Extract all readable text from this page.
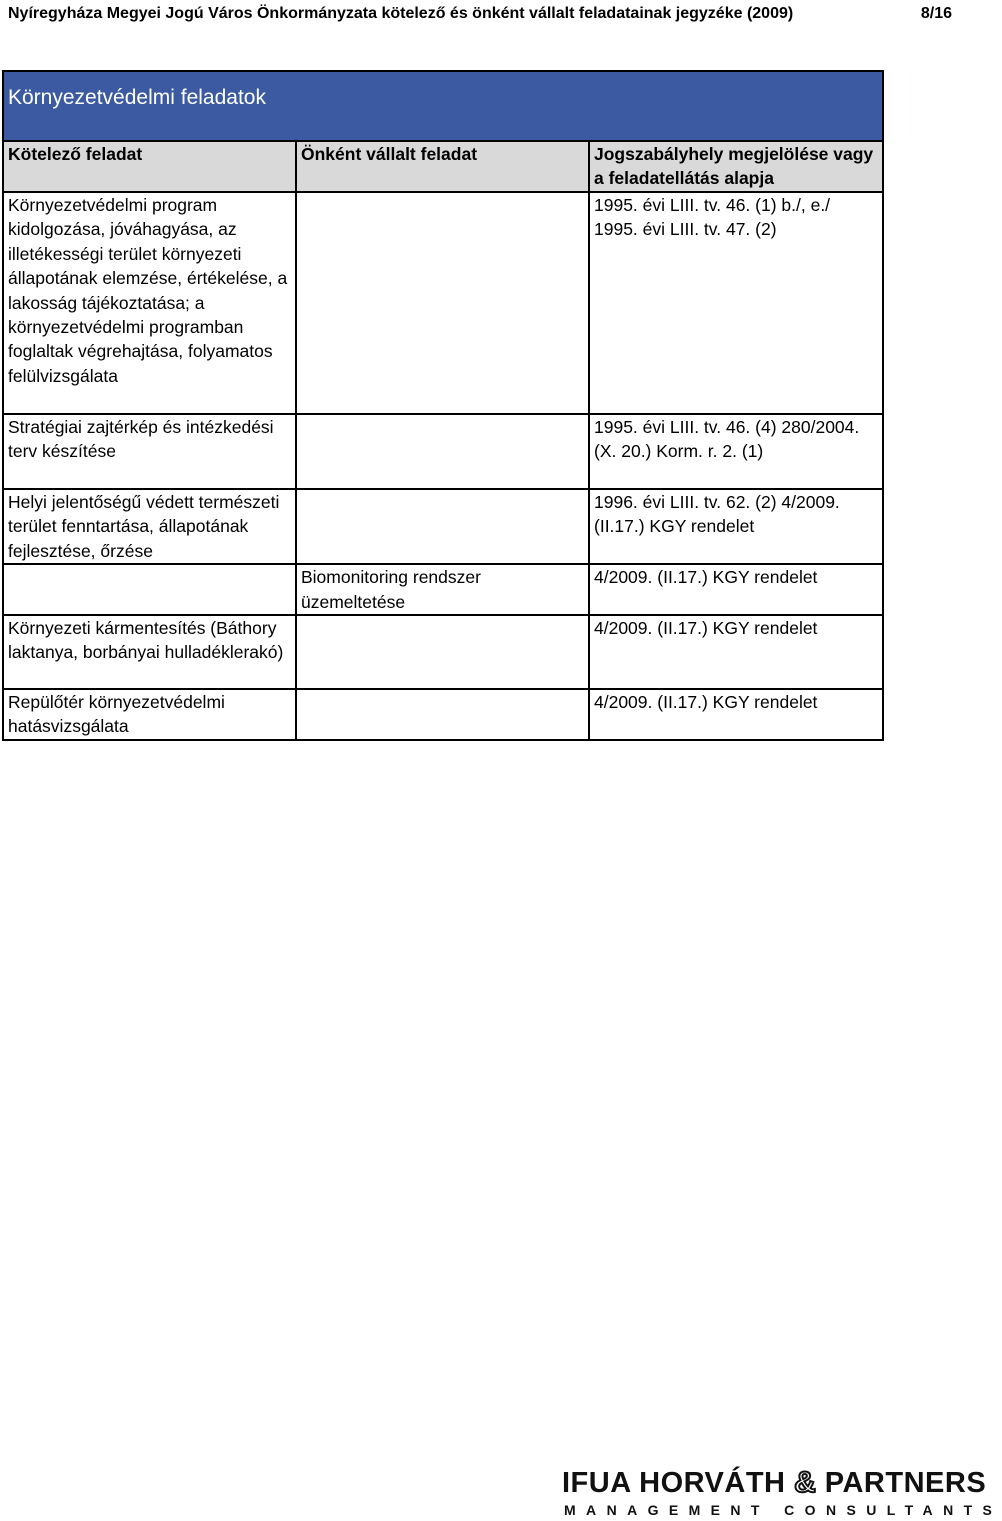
Nyíregyháza Megyei Jogú Város Önkormányzata kötelező és önként vállalt feladatainak jegyzéke (2009)	8/16
Környezetvédelmi feladatok		
Kötelező feladat	Önként vállalt feladat	Jogszabályhely megjelölése vagy a feladatellátás alapja
Környezetvédelmi program kidolgozása, jóváhagyása, az illetékességi terület környezeti állapotának elemzése, értékelése, a lakosság tájékoztatása; a környezetvédelmi programban foglaltak végrehajtása, folyamatos felülvizsgálata		1995. évi LIII. tv. 46. (1) b./, e./ 1995. évi LIII. tv. 47. (2)
Stratégiai zajtérkép és intézkedési terv készítése		1995. évi LIII. tv. 46. (4) 280/2004. (X. 20.) Korm. r. 2. (1)
Helyi jelentőségű védett természeti terület fenntartása, állapotának fejlesztése, őrzése		1996. évi LIII. tv. 62. (2) 4/2009. (II.17.) KGY rendelet
	Biomonitoring rendszer üzemeltetése	4/2009. (II.17.) KGY rendelet
Környezeti kármentesítés (Báthory laktanya, borbányai hulladéklerakó)		4/2009. (II.17.) KGY rendelet
Repülőtér környezetvédelmi hatásvizsgálata		4/2009. (II.17.) KGY rendelet
IFUA HORVÁTH & PARTNERS
MANAGEMENT CONSULTANTS
